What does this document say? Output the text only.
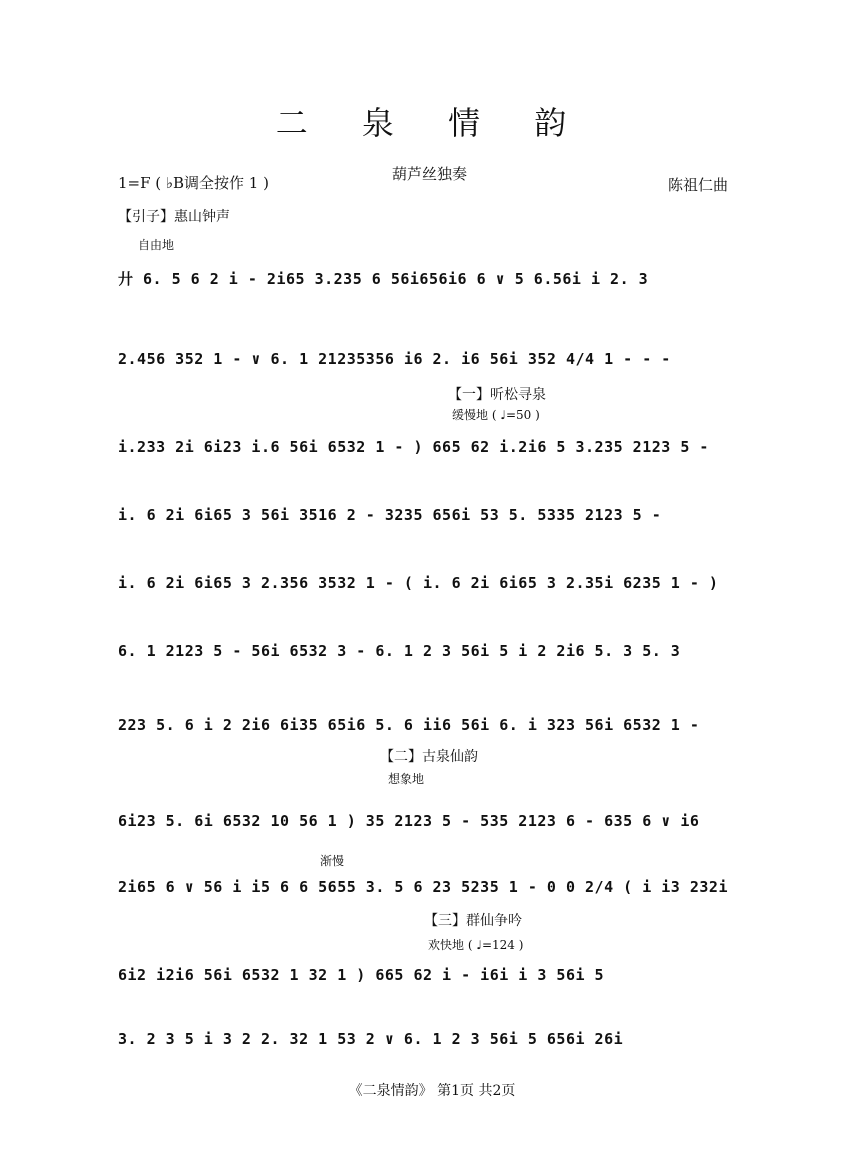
二 泉 情 韵
1=F ( ♭B调全按作 1 )	葫芦丝独奏
陈祖仁曲
【引子】惠山钟声
自由地
廾 6. 5 6 2 i - 2i65 3.235 6 56i656i6 6 ∨ 5 6.56i i 2. 3
2.456 352 1 - ∨ 6. 1 21235356 i6 2. i6 56i 352 4/4 1 - - -
【一】听松寻泉
缓慢地 ( ♩=50 )
i.233 2i 6i23 i.6 56i 6532 1 - ) 665 62 i.2i6 5 3.235 2123 5 -
i. 6 2i 6i65 3 56i 3516 2 - 3235 656i 53 5. 5335 2123 5 -
i. 6 2i 6i65 3 2.356 3532 1 - ( i. 6 2i 6i65 3 2.35i 6235 1 - )
6. 1 2123 5 - 56i 6532 3 - 6. 1 2 3 56i 5 i 2 2i6 5. 3 5. 3
223 5. 6 i 2 2i6 6i35 65i6 5. 6 ii6 56i 6. i 323 56i 6532 1 -
【二】古泉仙韵
想象地
6i23 5. 6i 6532 10 56 1 ) 35 2123 5 - 535 2123 6 - 635 6 ∨ i6
渐慢
2i65 6 ∨ 56 i i5 6 6 5655 3. 5 6 23 5235 1 - 0 0 2/4 ( i i3 232i
【三】群仙争吟
欢快地 ( ♩=124 )
6i2 i2i6 56i 6532 1 32 1 ) 665 62 i - i6i i 3 56i 5
3. 2 3 5 i 3 2 2. 32 1 53 2 ∨ 6. 1 2 3 56i 5 656i 26i
《二泉情韵》 第1页 共2页
